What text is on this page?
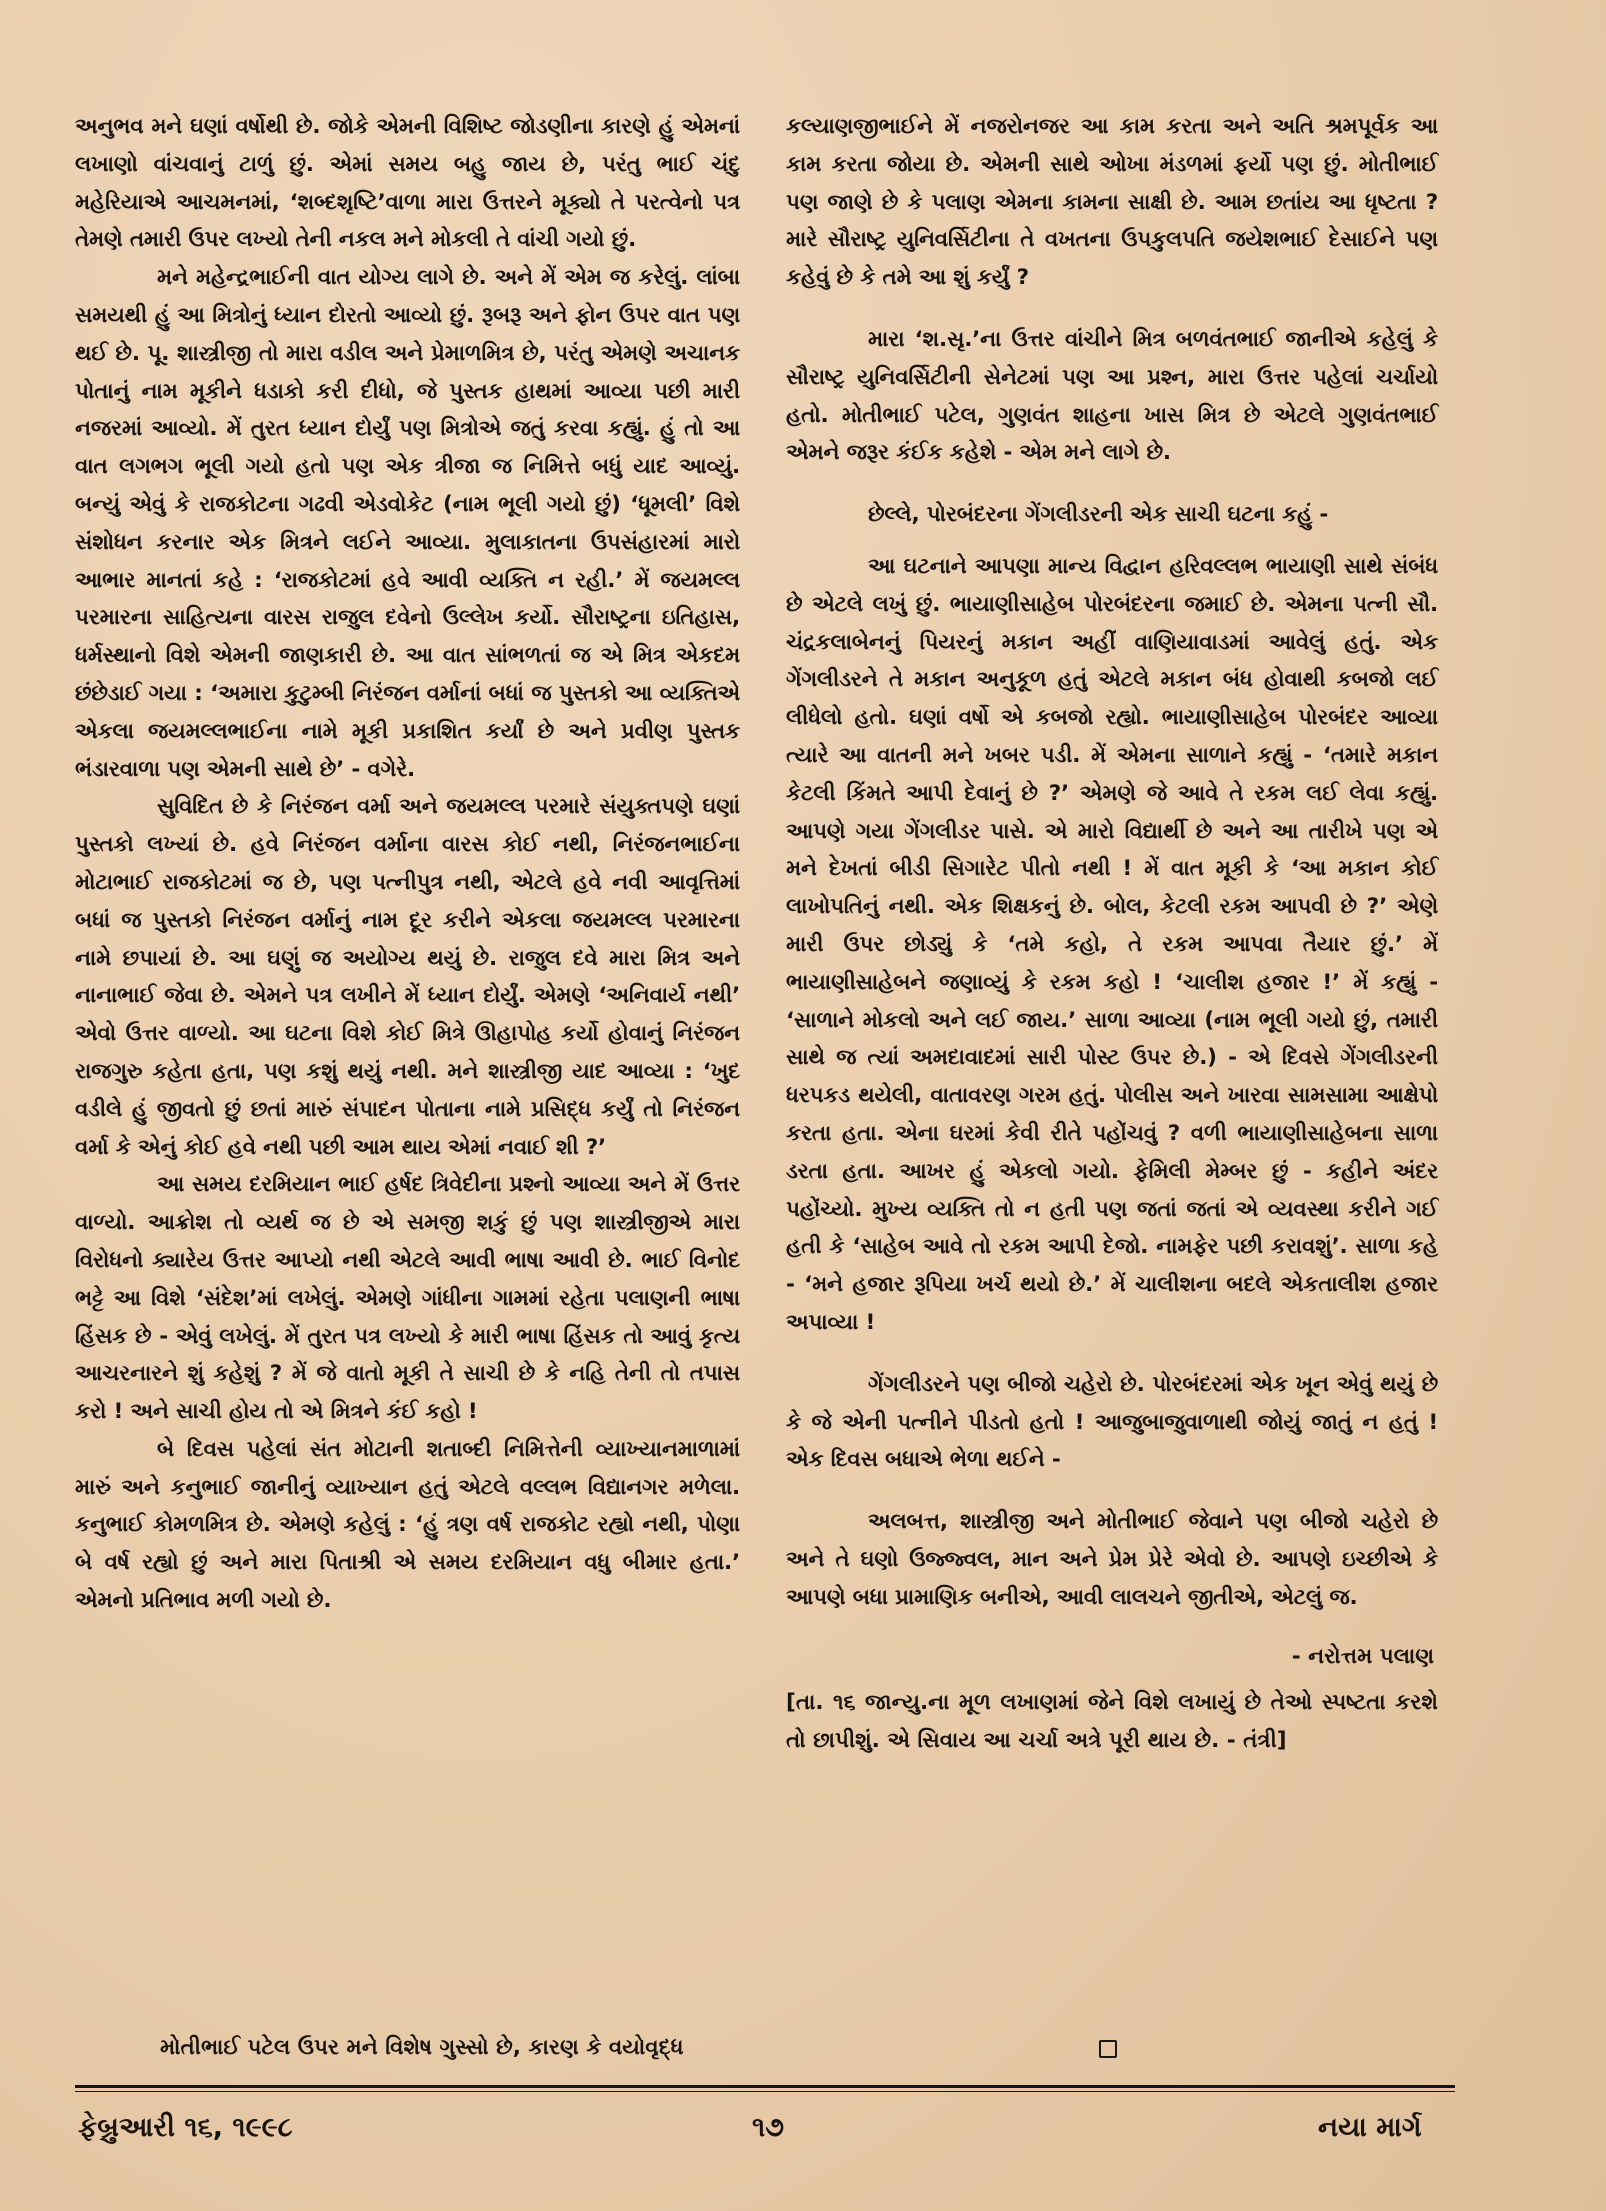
અનુભવ મને ઘણાં વર્ષોથી છે. જોકે એમની વિશિષ્ટ જોડણીના કારણે હું એમનાં લખાણો વાંચવાનું ટાળું છું. એમાં સમય બહુ જાય છે, પરંતુ ભાઈ ચંદુ મહેરિયાએ આચમનમાં, ‘શબ્દશૃષ્ટિ’વાળા મારા ઉત્તરને મૂક્યો તે પરત્વેનો પત્ર તેમણે તમારી ઉપર લખ્યો તેની નકલ મને મોકલી તે વાંચી ગયો છું.

મને મહેન્દ્રભાઈની વાત યોગ્ય લાગે છે. અને મેં એમ જ કરેલું. લાંબા સમયથી હું આ મિત્રોનું ધ્યાન દોરતો આવ્યો છું. રૂબરૂ અને ફોન ઉપર વાત પણ થઈ છે. પૂ. શાસ્ત્રીજી તો મારા વડીલ અને પ્રેમાળમિત્ર છે, પરંતુ એમણે અચાનક પોતાનું નામ મૂકીને ધડાકો કરી દીધો, જે પુસ્તક હાથમાં આવ્યા પછી મારી નજરમાં આવ્યો. મેં તુરત ધ્યાન દોર્યું પણ મિત્રોએ જતું કરવા કહ્યું. હું તો આ વાત લગભગ ભૂલી ગયો હતો પણ એક ત્રીજા જ નિમિત્તે બધું યાદ આવ્યું. બન્યું એવું કે રાજકોટના ગઢવી એડવોકેટ (નામ ભૂલી ગયો છું) ‘ધૂમલી’ વિશે સંશોધન કરનાર એક મિત્રને લઈને આવ્યા. મુલાકાતના ઉપસંહારમાં મારો આભાર માનતાં કહે : ‘રાજકોટમાં હવે આવી વ્યક્તિ ન રહી.’ મેં જયમલ્લ પરમારના સાહિત્યના વારસ રાજુલ દવેનો ઉલ્લેખ કર્યો. સૌરાષ્ટ્રના ઇતિહાસ, ધર્મસ્થાનો વિશે એમની જાણકારી છે. આ વાત સાંભળતાં જ એ મિત્ર એકદમ છંછેડાઈ ગયા : ‘અમારા કુટુમ્બી નિરંજન વર્માનાં બધાં જ પુસ્તકો આ વ્યક્તિએ એકલા જયમલ્લભાઈના નામે મૂકી પ્રકાશિત કર્યાં છે અને પ્રવીણ પુસ્તક ભંડારવાળા પણ એમની સાથે છે’ - વગેરે.

સુવિદિત છે કે નિરંજન વર્મા અને જયમલ્લ પરમારે સંયુક્તપણે ઘણાં પુસ્તકો લખ્યાં છે. હવે નિરંજન વર્માના વારસ કોઈ નથી, નિરંજનભાઈના મોટાભાઈ રાજકોટમાં જ છે, પણ પત્નીપુત્ર નથી, એટલે હવે નવી આવૃત્તિમાં બધાં જ પુસ્તકો નિરંજન વર્માનું નામ દૂર કરીને એકલા જયમલ્લ પરમારના નામે છપાયાં છે. આ ઘણું જ અયોગ્ય થયું છે. રાજુલ દવે મારા મિત્ર અને નાનાભાઈ જેવા છે. એમને પત્ર લખીને મેં ધ્યાન દોર્યું. એમણે ‘અનિવાર્ય નથી’ એવો ઉત્તર વાળ્યો. આ ઘટના વિશે કોઈ મિત્રે ઊહાપોહ કર્યો હોવાનું નિરંજન રાજગુરુ કહેતા હતા, પણ કશું થયું નથી. મને શાસ્ત્રીજી યાદ આવ્યા : ‘ખુદ વડીલે હું જીવતો છું છતાં મારું સંપાદન પોતાના નામે પ્રસિદ્ધ કર્યું તો નિરંજન વર્મા કે એનું કોઈ હવે નથી પછી આમ થાય એમાં નવાઈ શી ?’

આ સમય દરમિયાન ભાઈ હર્ષદ ત્રિવેદીના પ્રશ્નો આવ્યા અને મેં ઉત્તર વાળ્યો. આક્રોશ તો વ્યર્થ જ છે એ સમજી શકું છું પણ શાસ્ત્રીજીએ મારા વિરોધનો ક્યારેય ઉત્તર આપ્યો નથી એટલે આવી ભાષા આવી છે. ભાઈ વિનોદ ભટ્ટે આ વિશે ‘સંદેશ’માં લખેલું. એમણે ગાંધીના ગામમાં રહેતા પલાણની ભાષા હિંસક છે - એવું લખેલું. મેં તુરત પત્ર લખ્યો કે મારી ભાષા હિંસક તો આવું કૃત્ય આચરનારને શું કહેશું ? મેં જે વાતો મૂકી તે સાચી છે કે નહિ તેની તો તપાસ કરો ! અને સાચી હોય તો એ મિત્રને કંઈ કહો !

બે દિવસ પહેલાં સંત મોટાની શતાબ્દી નિમિત્તેની વ્યાખ્યાનમાળામાં મારું અને કનુભાઈ જાનીનું વ્યાખ્યાન હતું એટલે વલ્લભ વિદ્યાનગર મળેલા. કનુભાઈ કોમળમિત્ર છે. એમણે કહેલું : ‘હું ત્રણ વર્ષ રાજકોટ રહ્યો નથી, પોણા બે વર્ષ રહ્યો છું અને મારા પિતાશ્રી એ સમય દરમિયાન વધુ બીમાર હતા.’ એમનો પ્રતિભાવ મળી ગયો છે.

મોતીભાઈ પટેલ ઉપર મને વિશેષ ગુસ્સો છે, કારણ કે વયોવૃદ્ધ

કલ્યાણજીભાઈને મેં નજરોનજર આ કામ કરતા અને અતિ શ્રમપૂર્વક આ કામ કરતા જોયા છે. એમની સાથે ઓખા મંડળમાં ફર્યો પણ છું. મોતીભાઈ પણ જાણે છે કે પલાણ એમના કામના સાક્ષી છે. આમ છતાંય આ ધૃષ્ટતા ? મારે સૌરાષ્ટ્ર યુનિવર્સિટીના તે વખતના ઉપકુલપતિ જયેશભાઈ દેસાઈને પણ કહેવું છે કે તમે આ શું કર્યું ?

મારા ‘શ.સૃ.’ના ઉત્તર વાંચીને મિત્ર બળવંતભાઈ જાનીએ કહેલું કે સૌરાષ્ટ્ર યુનિવર્સિટીની સેનેટમાં પણ આ પ્રશ્ન, મારા ઉત્તર પહેલાં ચર્ચાયો હતો. મોતીભાઈ પટેલ, ગુણવંત શાહના ખાસ મિત્ર છે એટલે ગુણવંતભાઈ એમને જરૂર કંઈક કહેશે - એમ મને લાગે છે.

છેલ્લે, પોરબંદરના ગેંગલીડરની એક સાચી ઘટના કહું -

આ ઘટનાને આપણા માન્ય વિદ્વાન હરિવલ્લભ ભાયાણી સાથે સંબંધ છે એટલે લખું છું. ભાયાણીસાહેબ પોરબંદરના જમાઈ છે. એમના પત્ની સૌ. ચંદ્રકલાબેનનું પિયરનું મકાન અહીં વાણિયાવાડમાં આવેલું હતું. એક ગેંગલીડરને તે મકાન અનુકૂળ હતું એટલે મકાન બંધ હોવાથી કબજો લઈ લીધેલો હતો. ઘણાં વર્ષો એ કબજો રહ્યો. ભાયાણીસાહેબ પોરબંદર આવ્યા ત્યારે આ વાતની મને ખબર પડી. મેં એમના સાળાને કહ્યું - ‘તમારે મકાન કેટલી કિંમતે આપી દેવાનું છે ?’ એમણે જે આવે તે રકમ લઈ લેવા કહ્યું. આપણે ગયા ગેંગલીડર પાસે. એ મારો વિદ્યાર્થી છે અને આ તારીખે પણ એ મને દેખતાં બીડી સિગારેટ પીતો નથી ! મેં વાત મૂકી કે ‘આ મકાન કોઈ લાખોપતિનું નથી. એક શિક્ષકનું છે. બોલ, કેટલી રકમ આપવી છે ?’ એણે મારી ઉપર છોડ્યું કે ‘તમે કહો, તે રકમ આપવા તૈયાર છું.’ મેં ભાયાણીસાહેબને જણાવ્યું કે રકમ કહો ! ‘ચાલીશ હજાર !’ મેં કહ્યું - ‘સાળાને મોકલો અને લઈ જાય.’ સાળા આવ્યા (નામ ભૂલી ગયો છું, તમારી સાથે જ ત્યાં અમદાવાદમાં સારી પોસ્ટ ઉપર છે.) - એ દિવસે ગેંગલીડરની ધરપકડ થયેલી, વાતાવરણ ગરમ હતું. પોલીસ અને ખારવા સામસામા આક્ષેપો કરતા હતા. એના ઘરમાં કેવી રીતે પહોંચવું ? વળી ભાયાણીસાહેબના સાળા ડરતા હતા. આખર હું એકલો ગયો. ફેમિલી મેમ્બર છું - કહીને અંદર પહોંચ્યો. મુખ્ય વ્યક્તિ તો ન હતી પણ જતાં જતાં એ વ્યવસ્થા કરીને ગઈ હતી કે ‘સાહેબ આવે તો રકમ આપી દેજો. નામફેર પછી કરાવશું’. સાળા કહે - ‘મને હજાર રૂપિયા ખર્ચ થયો છે.’ મેં ચાલીશના બદલે એકતાલીશ હજાર અપાવ્યા !

ગેંગલીડરને પણ બીજો ચહેરો છે. પોરબંદરમાં એક ખૂન એવું થયું છે કે જે એની પત્નીને પીડતો હતો ! આજુબાજુવાળાથી જોયું જાતું ન હતું ! એક દિવસ બધાએ ભેળા થઈને -

અલબત્ત, શાસ્ત્રીજી અને મોતીભાઈ જેવાને પણ બીજો ચહેરો છે અને તે ઘણો ઉજ્જ્વલ, માન અને પ્રેમ પ્રેરે એવો છે. આપણે ઇચ્છીએ કે આપણે બધા પ્રામાણિક બનીએ, આવી લાલચને જીતીએ, એટલું જ.

- નરોત્તમ પલાણ
[તા. ૧૬ જાન્યુ.ના મૂળ લખાણમાં જેને વિશે લખાયું છે તેઓ સ્પષ્ટતા કરશે તો છાપીશું. એ સિવાય આ ચર્ચા અત્રે પૂરી થાય છે. - તંત્રી]
ફેબ્રુઆરી ૧૬, ૧૯૯૮	૧૭	નયા માર્ગ
